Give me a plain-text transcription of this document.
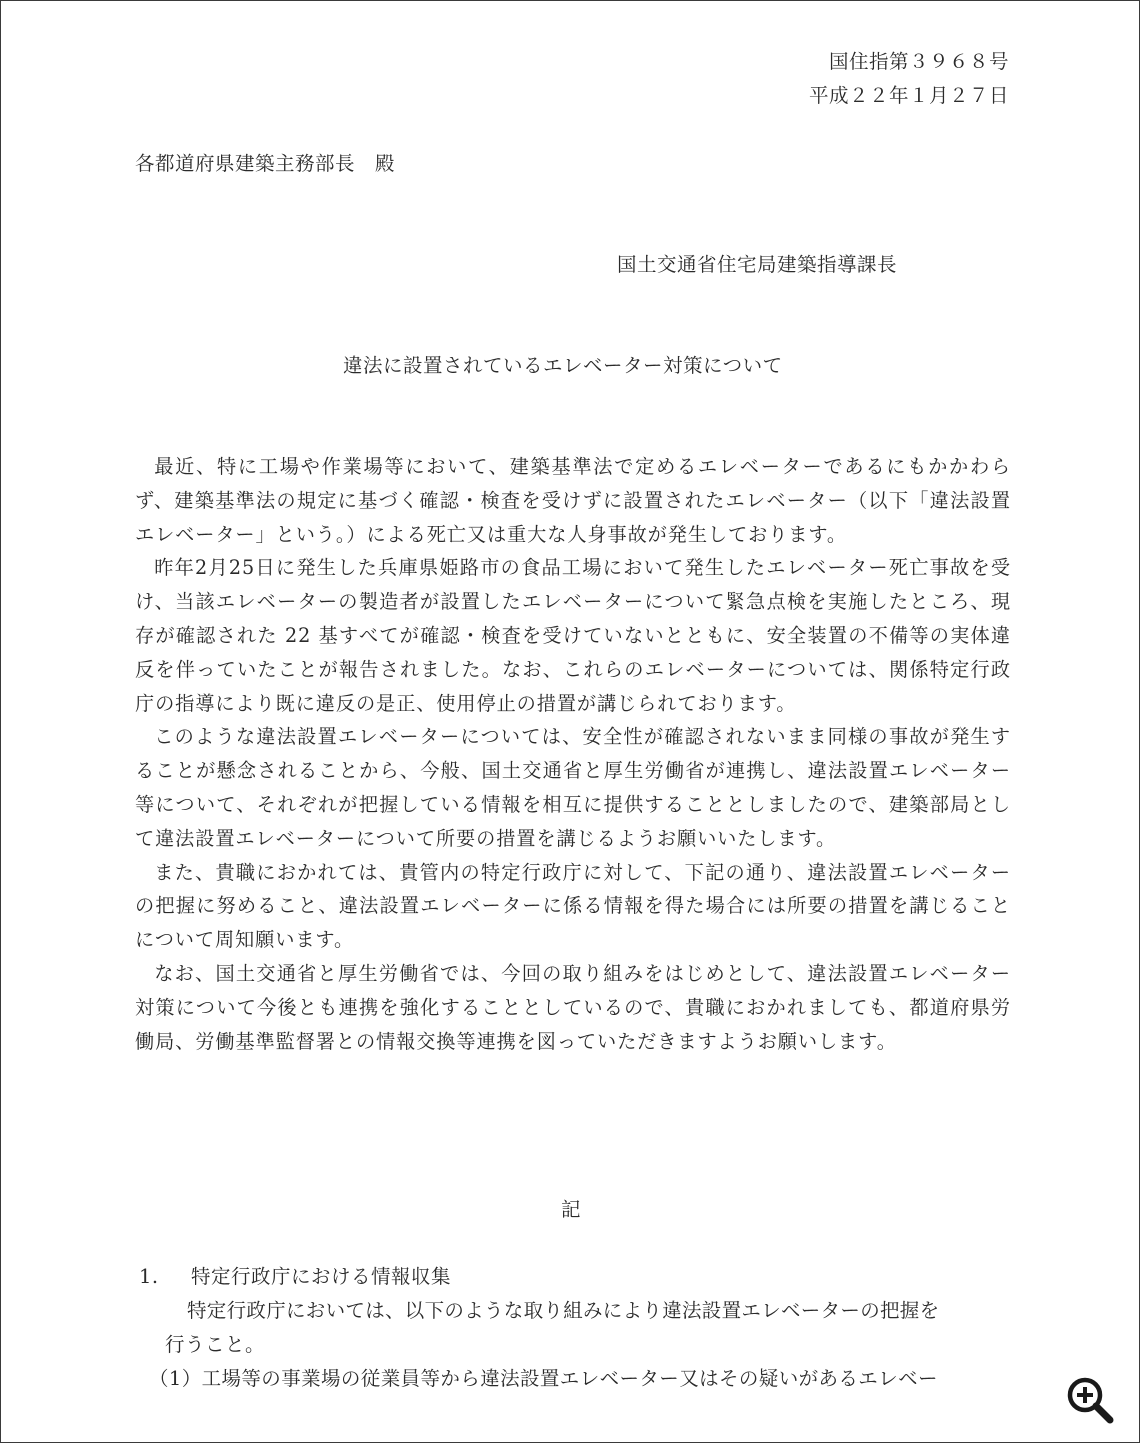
国住指第３９６８号

平成２２年１月２７日

各都道府県建築主務部長　殿

国土交通省住宅局建築指導課長

違法に設置されているエレベーター対策について

最近、特に工場や作業場等において、建築基準法で定めるエレベーターであるにもかかわらず、建築基準法の規定に基づく確認・検査を受けずに設置されたエレベーター（以下「違法設置エレベーター」という。）による死亡又は重大な人身事故が発生しております。

昨年2月25日に発生した兵庫県姫路市の食品工場において発生したエレベーター死亡事故を受け、当該エレベーターの製造者が設置したエレベーターについて緊急点検を実施したところ、現存が確認された 22 基すべてが確認・検査を受けていないとともに、安全装置の不備等の実体違反を伴っていたことが報告されました。なお、これらのエレベーターについては、関係特定行政庁の指導により既に違反の是正、使用停止の措置が講じられております。

このような違法設置エレベーターについては、安全性が確認されないまま同様の事故が発生することが懸念されることから、今般、国土交通省と厚生労働省が連携し、違法設置エレベーター等について、それぞれが把握している情報を相互に提供することとしましたので、建築部局として違法設置エレベーターについて所要の措置を講じるようお願いいたします。

また、貴職におかれては、貴管内の特定行政庁に対して、下記の通り、違法設置エレベーターの把握に努めること、違法設置エレベーターに係る情報を得た場合には所要の措置を講じることについて周知願います。

なお、国土交通省と厚生労働省では、今回の取り組みをはじめとして、違法設置エレベーター対策について今後とも連携を強化することとしているので、貴職におかれましても、都道府県労働局、労働基準監督署との情報交換等連携を図っていただきますようお願いします。

記

1. 特定行政庁における情報収集

特定行政庁においては、以下のような取り組みにより違法設置エレベーターの把握を

行うこと。

（1）工場等の事業場の従業員等から違法設置エレベーター又はその疑いがあるエレベー
